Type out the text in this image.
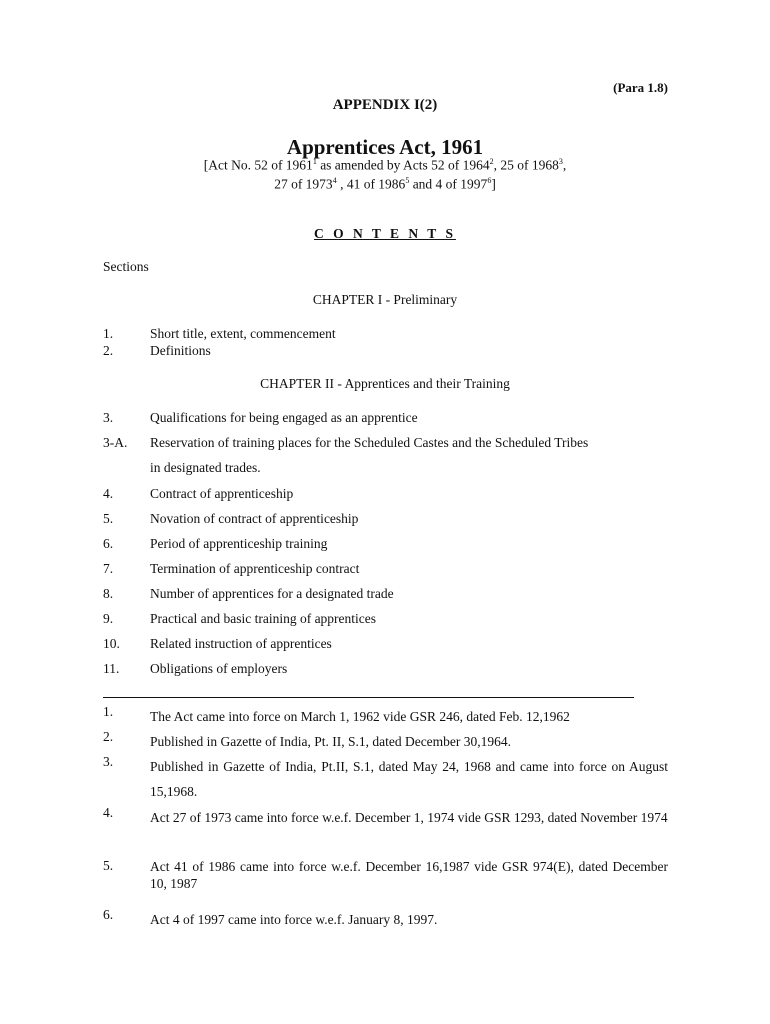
(Para 1.8)
APPENDIX I(2)
Apprentices Act, 1961
[Act No. 52 of 1961$^1$ as amended by Acts 52 of 1964$^2$, 25 of 1968$^3$,
27 of 1973$^4$ , 41 of 1986$^5$ and 4 of 1997$^6$]
C O N T E N T S
Sections
CHAPTER I - Preliminary
1.	Short title, extent, commencement
2.	Definitions
CHAPTER II - Apprentices and their Training
3.	Qualifications for being engaged as an apprentice
3-A. Reservation of training places for the Scheduled Castes and the Scheduled Tribes
in designated trades.
4.	Contract of apprenticeship
5.	Novation of contract of apprenticeship
6.	Period of apprenticeship training
7.	Termination of apprenticeship contract
8.	Number of apprentices for a designated trade
9.	Practical and basic training of apprentices
10. Related instruction of apprentices
11. Obligations of employers
1.	The Act came into force on March 1, 1962 vide GSR 246, dated Feb. 12,1962
2.	Published in Gazette of India, Pt. II, S.1, dated December 30,1964.
3.	Published in Gazette of India, Pt.II, S.1, dated May 24, 1968 and came into force on August 15,1968.
4.	Act 27 of 1973 came into force w.e.f. December 1, 1974 vide GSR 1293, dated November 1974
5.	Act 41 of 1986 came into force w.e.f. December 16,1987 vide GSR 974(E), dated December 10, 1987
6.	Act 4 of 1997 came into force w.e.f. January 8, 1997.
